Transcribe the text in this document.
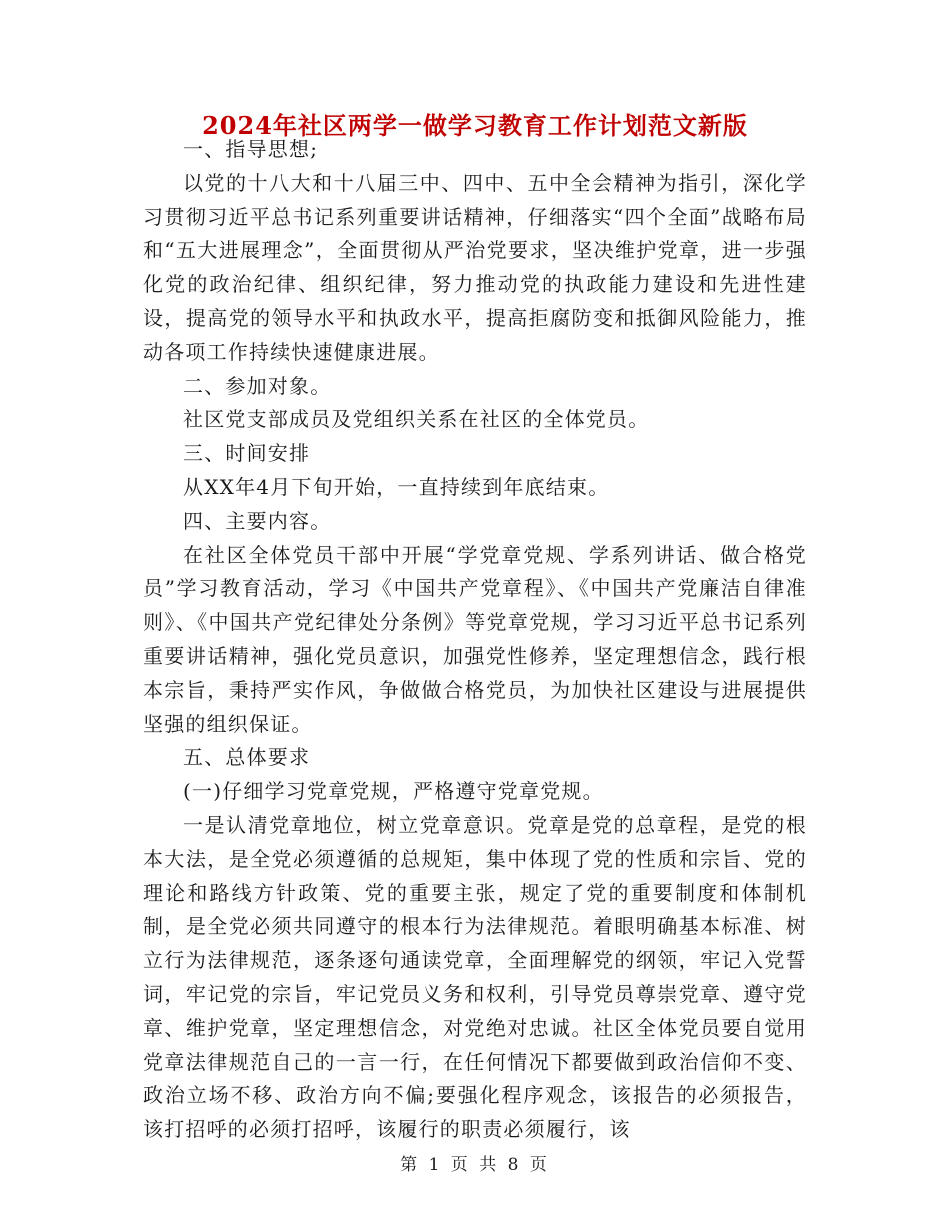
2024年社区两学一做学习教育工作计划范文新版

一、指导思想;

以党的十八大和十八届三中、四中、五中全会精神为指引，深化学习贯彻习近平总书记系列重要讲话精神，仔细落实“四个全面”战略布局和“五大进展理念”，全面贯彻从严治党要求，坚决维护党章，进一步强化党的政治纪律、组织纪律，努力推动党的执政能力建设和先进性建设，提高党的领导水平和执政水平，提高拒腐防变和抵御风险能力，推动各项工作持续快速健康进展。

二、参加对象。

社区党支部成员及党组织关系在社区的全体党员。

三、时间安排

从XX年4月下旬开始，一直持续到年底结束。

四、主要内容。

在社区全体党员干部中开展“学党章党规、学系列讲话、做合格党员”学习教育活动，学习《中国共产党章程》、《中国共产党廉洁自律准则》、《中国共产党纪律处分条例》等党章党规，学习习近平总书记系列重要讲话精神，强化党员意识，加强党性修养，坚定理想信念，践行根本宗旨，秉持严实作风，争做做合格党员，为加快社区建设与进展提供坚强的组织保证。

五、总体要求

(一)仔细学习党章党规，严格遵守党章党规。

一是认清党章地位，树立党章意识。党章是党的总章程，是党的根本大法，是全党必须遵循的总规矩，集中体现了党的性质和宗旨、党的理论和路线方针政策、党的重要主张，规定了党的重要制度和体制机制，是全党必须共同遵守的根本行为法律规范。着眼明确基本标准、树立行为法律规范，逐条逐句通读党章，全面理解党的纲领，牢记入党誓词，牢记党的宗旨，牢记党员义务和权利，引导党员尊崇党章、遵守党章、维护党章，坚定理想信念，对党绝对忠诚。社区全体党员要自觉用党章法律规范自己的一言一行，在任何情况下都要做到政治信仰不变、政治立场不移、政治方向不偏;要强化程序观念，该报告的必须报告，该打招呼的必须打招呼，该履行的职责必须履行，该

第 1 页 共 8 页
